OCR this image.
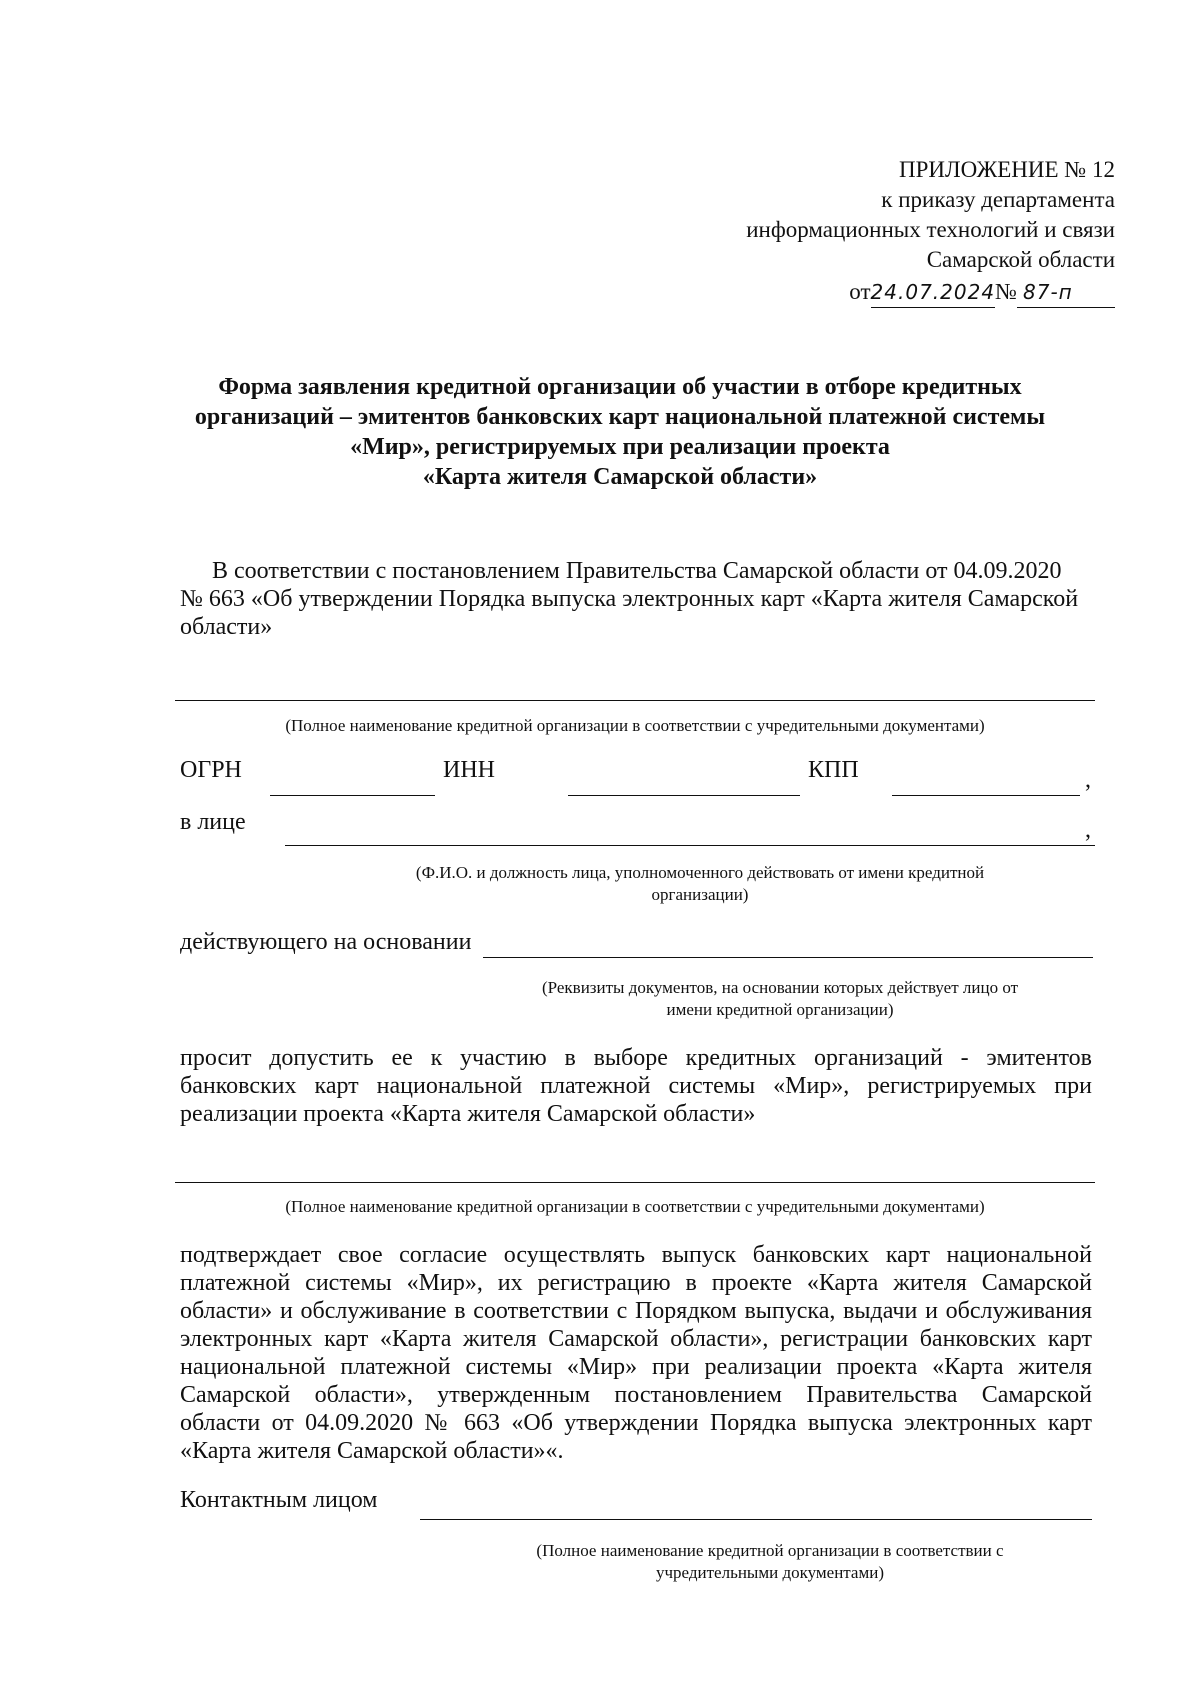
ПРИЛОЖЕНИЕ № 12
к приказу департамента
информационных технологий и связи
Самарской области
от24.07.2024№ 87-п
Форма заявления кредитной организации об участии в отборе кредитных
организаций – эмитентов банковских карт национальной платежной системы
«Мир», регистрируемых при реализации проекта
«Карта жителя Самарской области»
В соответствии с постановлением Правительства Самарской области от 04.09.2020
№ 663 «Об утверждении Порядка выпуска электронных карт «Карта жителя Самарской
области»
(Полное наименование кредитной организации в соответствии с учредительными документами)
ОГРН	ИНН	КПП	,
в лице	,
(Ф.И.О. и должность лица, уполномоченного действовать от имени кредитной
организации)
действующего на основании
(Реквизиты документов, на основании которых действует лицо от
имени кредитной организации)
просит допустить ее к участию в выборе кредитных организаций - эмитентов
банковских карт национальной платежной системы «Мир», регистрируемых при
реализации проекта «Карта жителя Самарской области»
(Полное наименование кредитной организации в соответствии с учредительными документами)
подтверждает свое согласие осуществлять выпуск банковских карт национальной
платежной системы «Мир», их регистрацию в проекте «Карта жителя Самарской
области» и обслуживание в соответствии с Порядком выпуска, выдачи и обслуживания
электронных карт «Карта жителя Самарской области», регистрации банковских карт
национальной платежной системы «Мир» при реализации проекта «Карта жителя
Самарской области», утвержденным постановлением Правительства Самарской
области от 04.09.2020 № 663 «Об утверждении Порядка выпуска электронных карт
«Карта жителя Самарской области»«.
Контактным лицом
(Полное наименование кредитной организации в соответствии с
учредительными документами)
